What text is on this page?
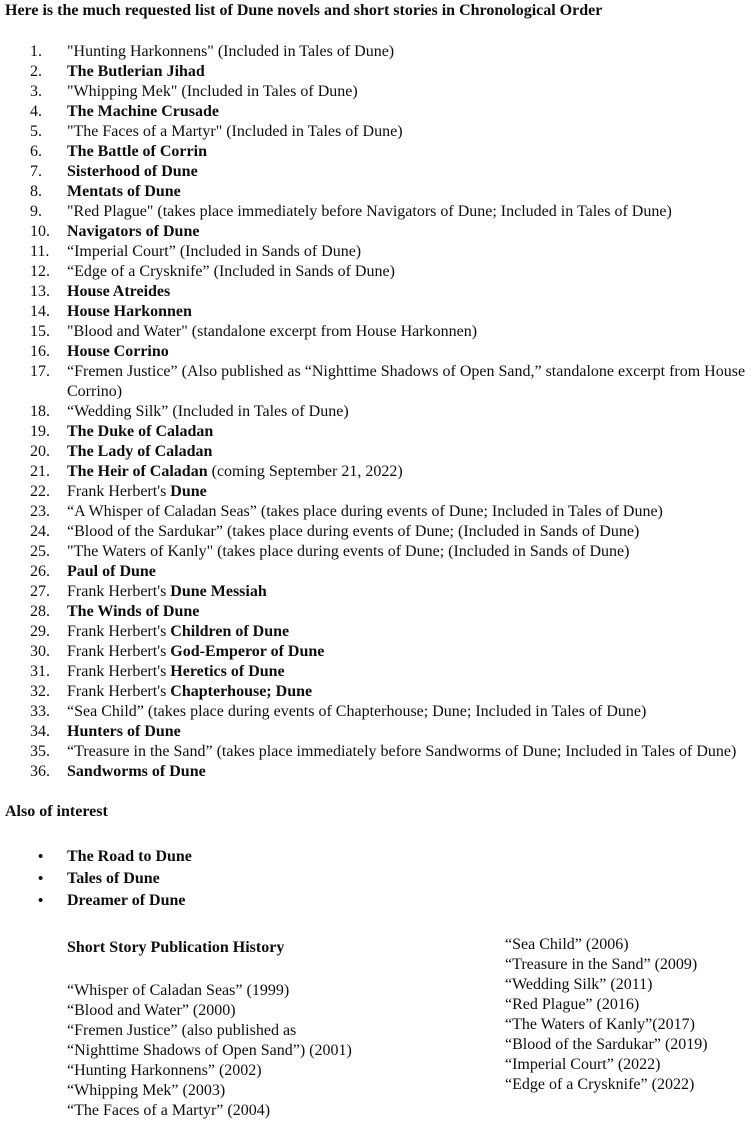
Here is the much requested list of Dune novels and short stories in Chronological Order
1.	"Hunting Harkonnens" (Included in Tales of Dune)
2.	The Butlerian Jihad
3.	"Whipping Mek" (Included in Tales of Dune)
4.	The Machine Crusade
5.	"The Faces of a Martyr" (Included in Tales of Dune)
6.	The Battle of Corrin
7.	Sisterhood of Dune
8.	Mentats of Dune
9.	"Red Plague" (takes place immediately before Navigators of Dune; Included in Tales of Dune)
10.	Navigators of Dune
11.	“Imperial Court” (Included in Sands of Dune)
12.	“Edge of a Crysknife” (Included in Sands of Dune)
13.	House Atreides
14.	House Harkonnen
15.	"Blood and Water" (standalone excerpt from House Harkonnen)
16.	House Corrino
17.	“Fremen Justice” (Also published as “Nighttime Shadows of Open Sand,” standalone excerpt from House
Corrino)
18.	“Wedding Silk” (Included in Tales of Dune)
19.	The Duke of Caladan
20.	The Lady of Caladan
21.	The Heir of Caladan (coming September 21, 2022)
22.	Frank Herbert's Dune
23.	“A Whisper of Caladan Seas” (takes place during events of Dune; Included in Tales of Dune)
24.	“Blood of the Sardukar” (takes place during events of Dune; (Included in Sands of Dune)
25.	"The Waters of Kanly" (takes place during events of Dune; (Included in Sands of Dune)
26.	Paul of Dune
27.	Frank Herbert's Dune Messiah
28.	The Winds of Dune
29.	Frank Herbert's Children of Dune
30.	Frank Herbert's God-Emperor of Dune
31.	Frank Herbert's Heretics of Dune
32.	Frank Herbert's Chapterhouse; Dune
33.	“Sea Child” (takes place during events of Chapterhouse; Dune; Included in Tales of Dune)
34.	Hunters of Dune
35.	“Treasure in the Sand” (takes place immediately before Sandworms of Dune; Included in Tales of Dune)
36.	Sandworms of Dune
Also of interest
•	The Road to Dune
•	Tales of Dune
•	Dreamer of Dune
Short Story Publication History
“Whisper of Caladan Seas” (1999)
“Blood and Water” (2000)
“Fremen Justice” (also published as
“Nighttime Shadows of Open Sand”) (2001)
“Hunting Harkonnens” (2002)
“Whipping Mek” (2003)
“The Faces of a Martyr” (2004)
“Sea Child” (2006)
“Treasure in the Sand” (2009)
“Wedding Silk” (2011)
“Red Plague” (2016)
“The Waters of Kanly”(2017)
“Blood of the Sardukar” (2019)
“Imperial Court” (2022)
“Edge of a Crysknife” (2022)
